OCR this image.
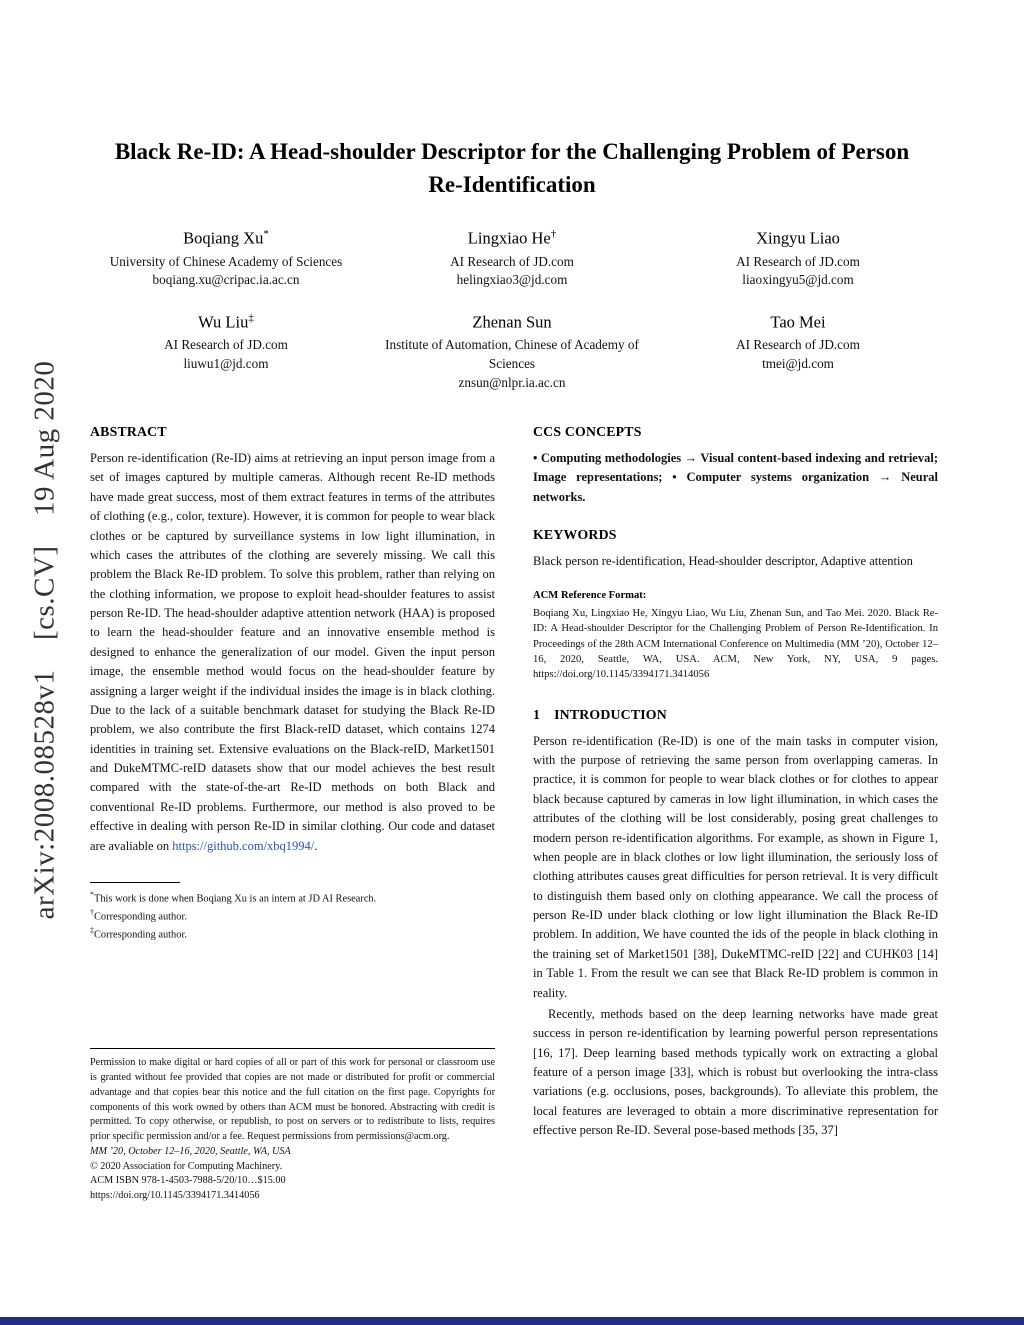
arXiv:2008.08528v1 [cs.CV] 19 Aug 2020
Black Re-ID: A Head-shoulder Descriptor for the Challenging Problem of Person Re-Identification
Boqiang Xu*
University of Chinese Academy of Sciences
boqiang.xu@cripac.ia.ac.cn
Lingxiao He†
AI Research of JD.com
helingxiao3@jd.com
Xingyu Liao
AI Research of JD.com
liaoxingyu5@jd.com
Wu Liu‡
AI Research of JD.com
liuwu1@jd.com
Zhenan Sun
Institute of Automation, Chinese of Academy of Sciences
znsun@nlpr.ia.ac.cn
Tao Mei
AI Research of JD.com
tmei@jd.com
ABSTRACT

Person re-identification (Re-ID) aims at retrieving an input person image from a set of images captured by multiple cameras. Although recent Re-ID methods have made great success, most of them extract features in terms of the attributes of clothing (e.g., color, texture). However, it is common for people to wear black clothes or be captured by surveillance systems in low light illumination, in which cases the attributes of the clothing are severely missing. We call this problem the Black Re-ID problem. To solve this problem, rather than relying on the clothing information, we propose to exploit head-shoulder features to assist person Re-ID. The head-shoulder adaptive attention network (HAA) is proposed to learn the head-shoulder feature and an innovative ensemble method is designed to enhance the generalization of our model. Given the input person image, the ensemble method would focus on the head-shoulder feature by assigning a larger weight if the individual insides the image is in black clothing. Due to the lack of a suitable benchmark dataset for studying the Black Re-ID problem, we also contribute the first Black-reID dataset, which contains 1274 identities in training set. Extensive evaluations on the Black-reID, Market1501 and DukeMTMC-reID datasets show that our model achieves the best result compared with the state-of-the-art Re-ID methods on both Black and conventional Re-ID problems. Furthermore, our method is also proved to be effective in dealing with person Re-ID in similar clothing. Our code and dataset are avaliable on https://github.com/xbq1994/.

*This work is done when Boqiang Xu is an intern at JD AI Research.
†Corresponding author.
‡Corresponding author.

Permission to make digital or hard copies of all or part of this work for personal or classroom use is granted without fee provided that copies are not made or distributed for profit or commercial advantage and that copies bear this notice and the full citation on the first page. Copyrights for components of this work owned by others than ACM must be honored. Abstracting with credit is permitted. To copy otherwise, or republish, to post on servers or to redistribute to lists, requires prior specific permission and/or a fee. Request permissions from permissions@acm.org.

MM ’20, October 12–16, 2020, Seattle, WA, USA

© 2020 Association for Computing Machinery.

ACM ISBN 978-1-4503-7988-5/20/10…$15.00

https://doi.org/10.1145/3394171.3414056

CCS CONCEPTS

• Computing methodologies → Visual content-based indexing and retrieval; Image representations; • Computer systems organization → Neural networks.

KEYWORDS

Black person re-identification, Head-shoulder descriptor, Adaptive attention

ACM Reference Format:

Boqiang Xu, Lingxiao He, Xingyu Liao, Wu Liu, Zhenan Sun, and Tao Mei. 2020. Black Re-ID: A Head-shoulder Descriptor for the Challenging Problem of Person Re-Identification. In Proceedings of the 28th ACM International Conference on Multimedia (MM ’20), October 12–16, 2020, Seattle, WA, USA. ACM, New York, NY, USA, 9 pages. https://doi.org/10.1145/3394171.3414056

1 INTRODUCTION

Person re-identification (Re-ID) is one of the main tasks in computer vision, with the purpose of retrieving the same person from overlapping cameras. In practice, it is common for people to wear black clothes or for clothes to appear black because captured by cameras in low light illumination, in which cases the attributes of the clothing will be lost considerably, posing great challenges to modern person re-identification algorithms. For example, as shown in Figure 1, when people are in black clothes or low light illumination, the seriously loss of clothing attributes causes great difficulties for person retrieval. It is very difficult to distinguish them based only on clothing appearance. We call the process of person Re-ID under black clothing or low light illumination the Black Re-ID problem. In addition, We have counted the ids of the people in black clothing in the training set of Market1501 [38], DukeMTMC-reID [22] and CUHK03 [14] in Table 1. From the result we can see that Black Re-ID problem is common in reality.

Recently, methods based on the deep learning networks have made great success in person re-identification by learning powerful person representations [16, 17]. Deep learning based methods typically work on extracting a global feature of a person image [33], which is robust but overlooking the intra-class variations (e.g. occlusions, poses, backgrounds). To alleviate this problem, the local features are leveraged to obtain a more discriminative representation for effective person Re-ID. Several pose-based methods [35, 37]
